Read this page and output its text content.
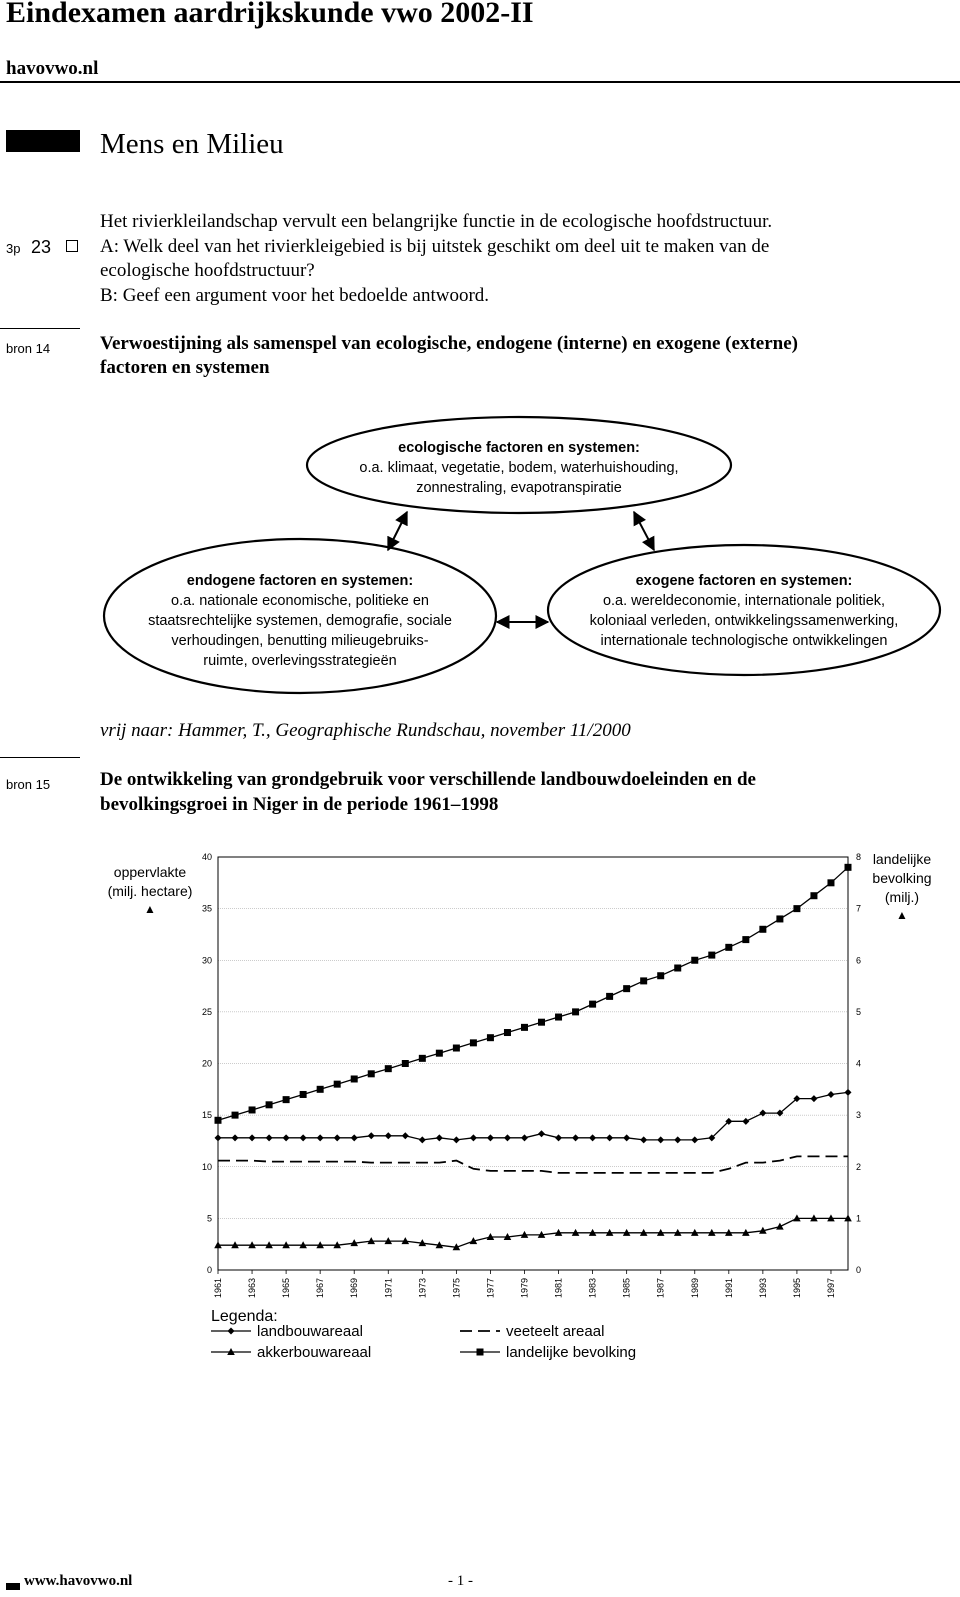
Eindexamen aardrijkskunde vwo 2002-II
havovwo.nl
Mens en Milieu
3p 23
Het rivierkleilandschap vervult een belangrijke functie in de ecologische hoofdstructuur.
A: Welk deel van het rivierkleigebied is bij uitstek geschikt om deel uit te maken van de
ecologische hoofdstructuur?
B: Geef een argument voor het bedoelde antwoord.
bron 14	Verwoestijning als samenspel van ecologische, endogene (interne) en exogene (externe)
factoren en systemen
ecologische factoren en systemen:
o.a. klimaat, vegetatie, bodem, waterhuishouding,
zonnestraling, evapotranspiratie
endogene factoren en systemen:
o.a. nationale economische, politieke en
staatsrechtelijke systemen, demografie, sociale
verhoudingen, benutting milieugebruiks-
ruimte, overlevingsstrategieën
exogene factoren en systemen:
o.a. wereldeconomie, internationale politiek,
koloniaal verleden, ontwikkelingssamenwerking,
internationale technologische ontwikkelingen
vrij naar: Hammer, T., Geographische Rundschau, november 11/2000
bron 15	De ontwikkeling van grondgebruik voor verschillende landbouwdoeleinden en de
bevolkingsgroei in Niger in de periode 1961–1998
0
5
10
15
20
25
30
35
40
0
1
2
3
4
5
6
7
8
1961	1963	1965	1967	1969	1971	1973	1975	1977	1979	1981	1983	1985	1987	1989	1991	1993	1995	1997
landbouwareaal	veeteelt areaal
akkerbouwareaal	landelijke bevolking
oppervlakte
(milj. hectare)
▲
landelijke
bevolking
(milj.)
▲
Legenda:
www.havovwo.nl	- 1 -
